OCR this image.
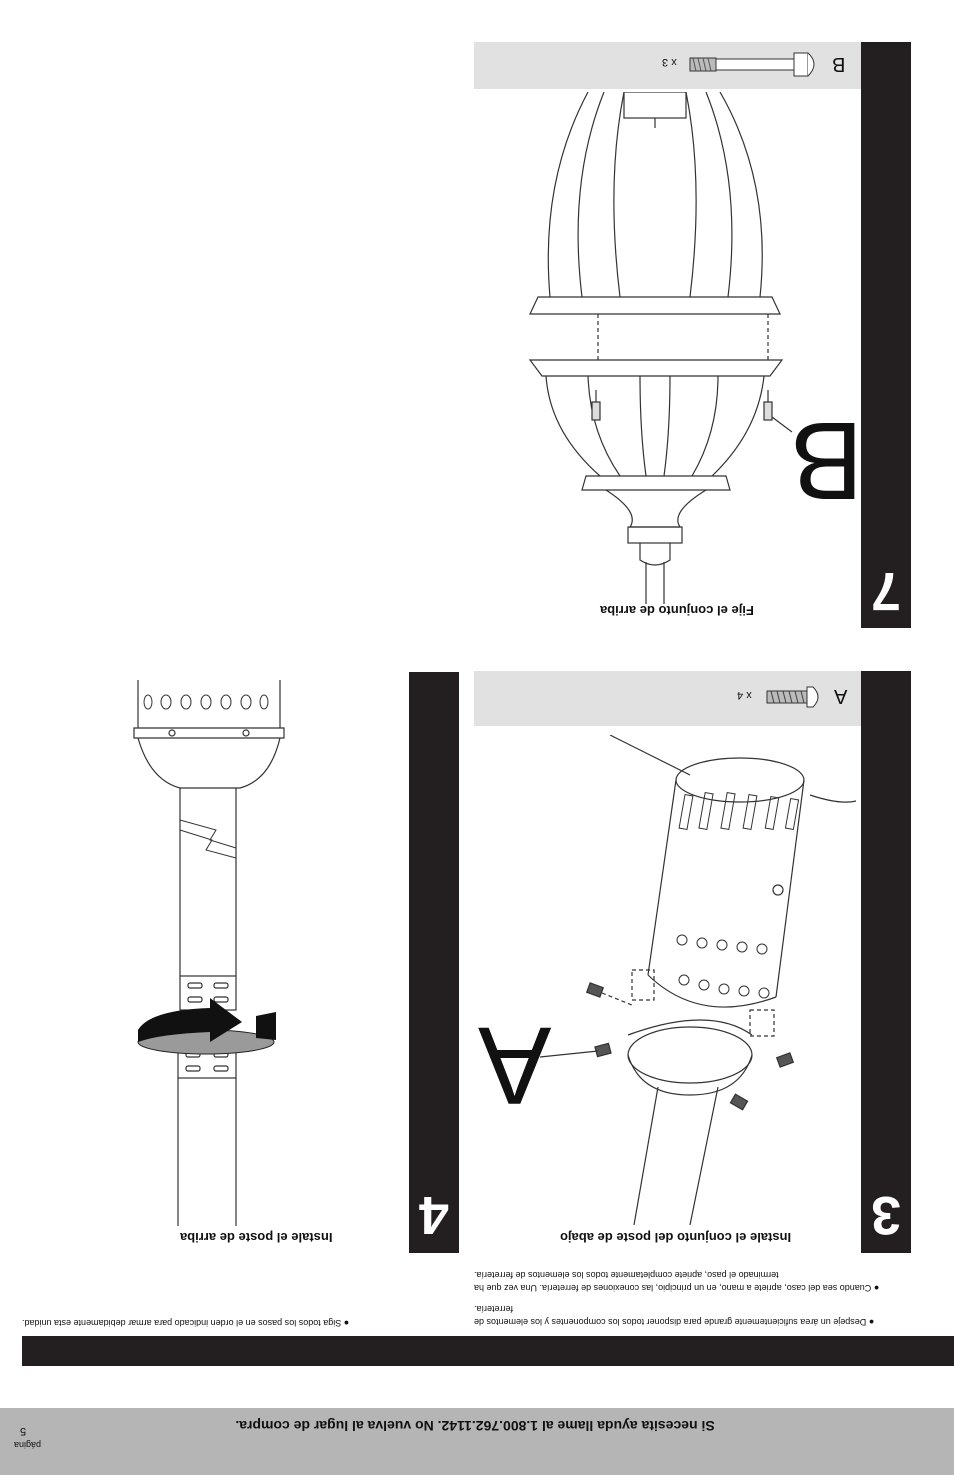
Si necesita ayuda llame al 1.800.762.1142. No vuelva al lugar de compra.
5
página
● Siga todos los pasos en el orden indicado para armar debidamente esta unidad.	● Despeje un área suficientemente grande para disponer todos los componentes y los elementos de ferretería.
● Cuando sea del caso, apriete a mano, en un principio, las conexiones de ferretería. Una vez que ha terminado el paso, apriete completamente todos los elementos de ferretería.
7
Fije el conjunto de arriba
B
x 3
B
3
Instale el conjunto del poste de abajo
A
x 4
A
4
Instale el poste de arriba
